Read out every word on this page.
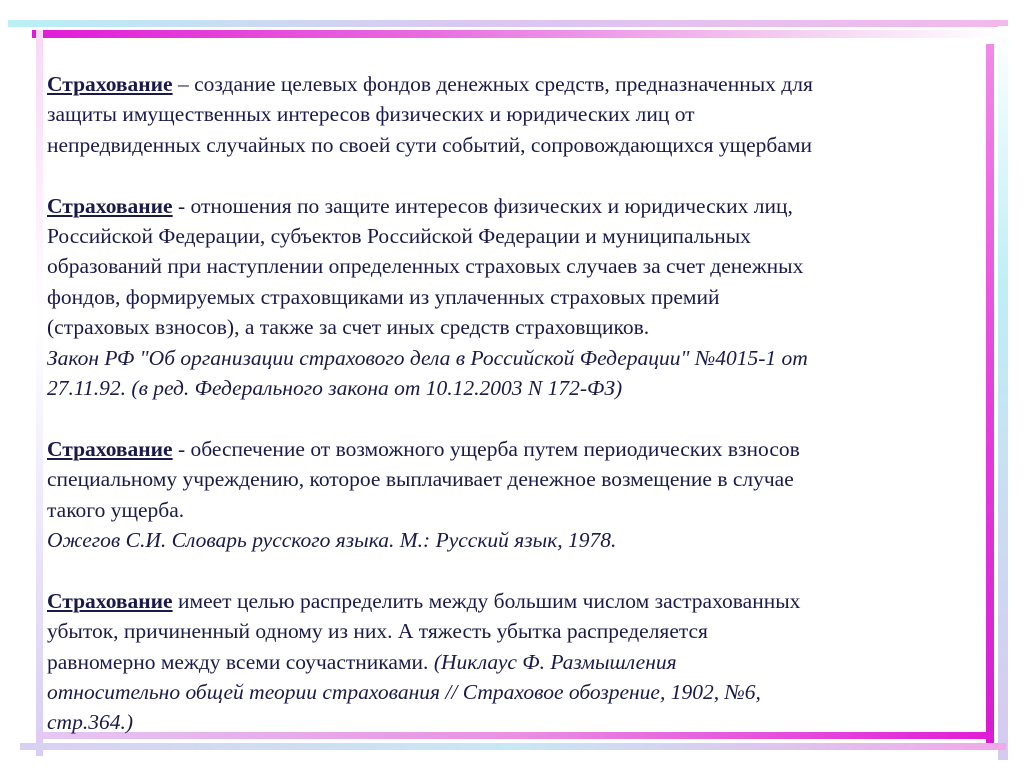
Страхование – создание целевых фондов денежных средств, предназначенных для
защиты имущественных интересов физических и юридических лиц от
непредвиденных случайных по своей сути событий, сопровождающихся ущербами

Страхование - отношения по защите интересов физических и юридических лиц,
Российской Федерации, субъектов Российской Федерации и муниципальных
образований при наступлении определенных страховых случаев за счет денежных
фондов, формируемых страховщиками из уплаченных страховых премий
(страховых взносов), а также за счет иных средств страховщиков.
Закон РФ "Об организации страхового дела в Российской Федерации" №4015-1 от
27.11.92. (в ред. Федерального закона от 10.12.2003 N 172-ФЗ)

Страхование - обеспечение от возможного ущерба путем периодических взносов
специальному учреждению, которое выплачивает денежное возмещение в случае
такого ущерба.
Ожегов С.И. Словарь русского языка. М.: Русский язык, 1978.

Страхование имеет целью распределить между большим числом застрахованных
убыток, причиненный одному из них. А тяжесть убытка распределяется
равномерно между всеми соучастниками. (Никлаус Ф. Размышления
относительно общей теории страхования // Страховое обозрение, 1902, №6,
стр.364.)
